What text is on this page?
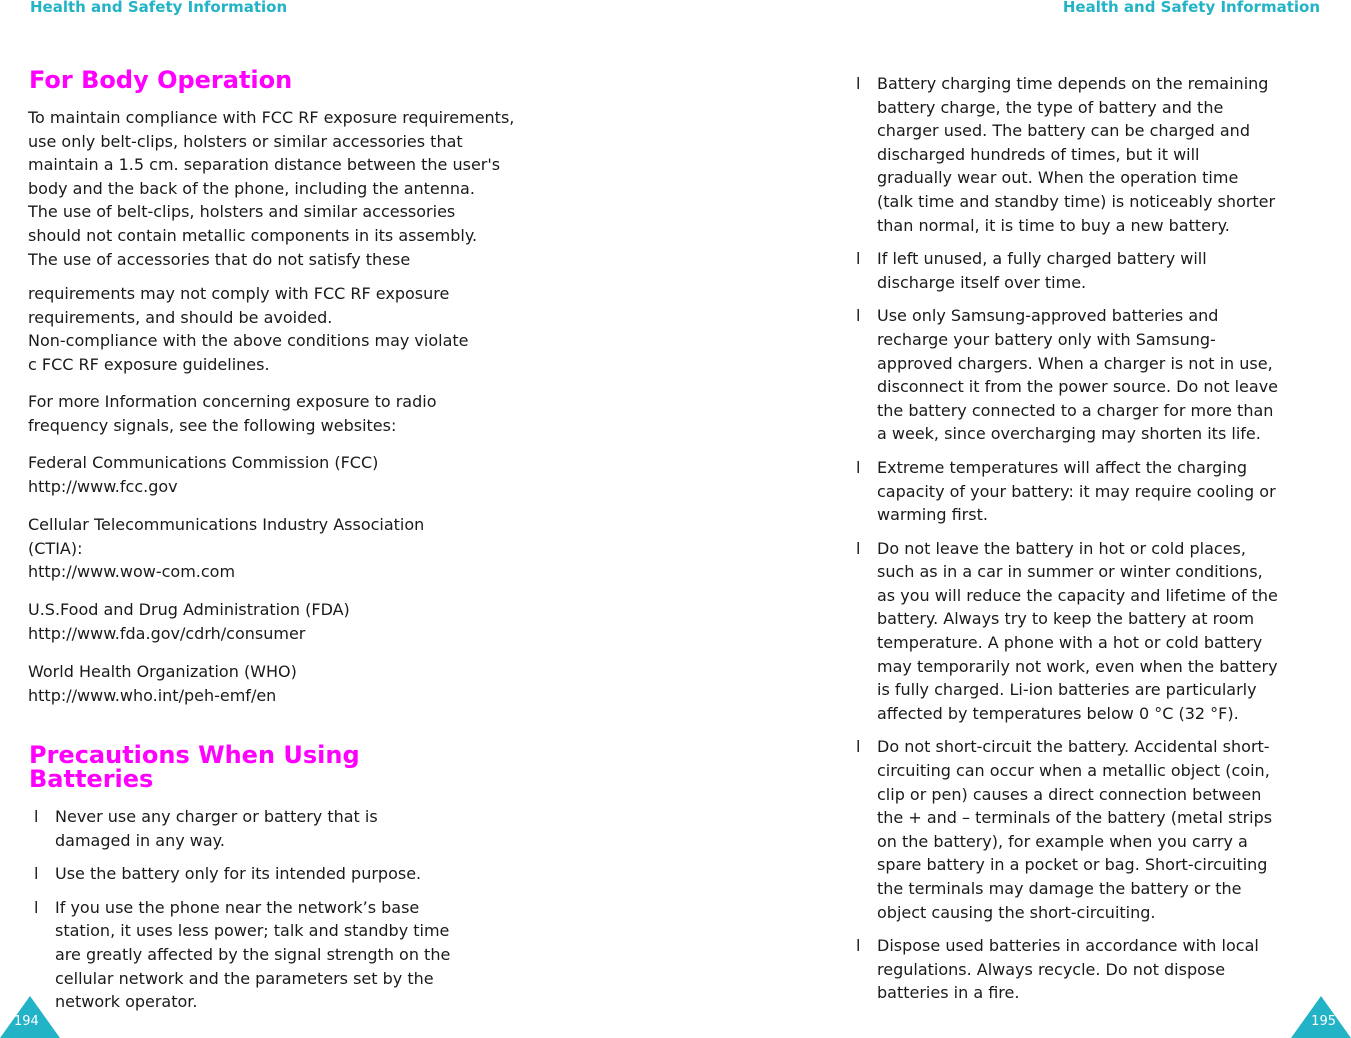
Health and Safety Information
For Body Operation

To maintain compliance with FCC RF exposure requirements,
use only belt-clips, holsters or similar accessories that
maintain a 1.5 cm. separation distance between the user's
body and the back of the phone, including the antenna.
The use of belt-clips, holsters and similar accessories
should not contain metallic components in its assembly.
The use of accessories that do not satisfy these

requirements may not comply with FCC RF exposure
requirements, and should be avoided.
Non-compliance with the above conditions may violate
c FCC RF exposure guidelines.

For more Information concerning exposure to radio
frequency signals, see the following websites:

Federal Communications Commission (FCC)
http://www.fcc.gov

Cellular Telecommunications Industry Association
(CTIA):
http://www.wow-com.com

U.S.Food and Drug Administration (FDA)
http://www.fda.gov/cdrh/consumer

World Health Organization (WHO)
http://www.who.int/peh-emf/en

Precautions When Using
Batteries
l Never use any charger or battery that is
damaged in any way.
l Use the battery only for its intended purpose.
l If you use the phone near the network’s base
station, it uses less power; talk and standby time
are greatly affected by the signal strength on the
cellular network and the parameters set by the
network operator.
194
Health and Safety Information
l Battery charging time depends on the remaining
battery charge, the type of battery and the
charger used. The battery can be charged and
discharged hundreds of times, but it will
gradually wear out. When the operation time
(talk time and standby time) is noticeably shorter
than normal, it is time to buy a new battery.
l If left unused, a fully charged battery will
discharge itself over time.
l Use only Samsung-approved batteries and
recharge your battery only with Samsung-
approved chargers. When a charger is not in use,
disconnect it from the power source. Do not leave
the battery connected to a charger for more than
a week, since overcharging may shorten its life.
l Extreme temperatures will affect the charging
capacity of your battery: it may require cooling or
warming first.
l Do not leave the battery in hot or cold places,
such as in a car in summer or winter conditions,
as you will reduce the capacity and lifetime of the
battery. Always try to keep the battery at room
temperature. A phone with a hot or cold battery
may temporarily not work, even when the battery
is fully charged. Li-ion batteries are particularly
affected by temperatures below 0 °C (32 °F).
l Do not short-circuit the battery. Accidental short-
circuiting can occur when a metallic object (coin,
clip or pen) causes a direct connection between
the + and – terminals of the battery (metal strips
on the battery), for example when you carry a
spare battery in a pocket or bag. Short-circuiting
the terminals may damage the battery or the
object causing the short-circuiting.
l Dispose used batteries in accordance with local
regulations. Always recycle. Do not dispose
batteries in a fire.
195
